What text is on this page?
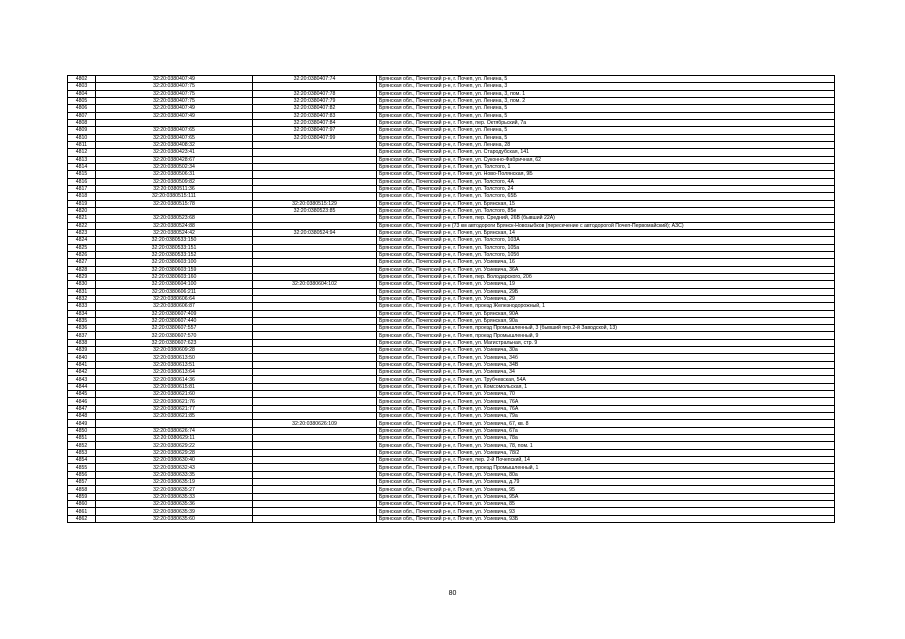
4802	32:20:0380407:49	32:20:0380407:74	Брянская обл., Почепский р-н, г. Почеп, ул. Ленина, 5
4803	32:20:0380407:75		Брянская обл., Почепский р-н, г. Почеп, ул. Ленина, 3
4804	32:20:0380407:75	32:20:0380407:78	Брянская обл., Почепский р-н, г. Почеп, ул. Ленина, 3, пом. 1
4805	32:20:0380407:75	32:20:0380407:79	Брянская обл., Почепский р-н, г. Почеп, ул. Ленина, 3, пом. 2
4806	32:20:0380407:49	32:20:0380407:82	Брянская обл., Почепский р-н, г. Почеп, ул. Ленина, 5
4807	32:20:0380407:49	32:20:0380407:83	Брянская обл., Почепский р-н, г. Почеп, ул. Ленина, 5
4808		32:20:0380407:84	Брянская обл., Почепский р-н, г. Почеп, пер. Октябрьский, 7а
4809	32:20:0380407:65	32:20:0380407:97	Брянская обл., Почепский р-н, г. Почеп, ул. Ленина, 5
4810	32:20:0380407:65	32:20:0380407:99	Брянская обл., Почепский р-н, г. Почеп, ул. Ленина, 5
4811	32:20:0380408:32		Брянская обл., Почепский р-н, г. Почеп, ул. Ленина, 28
4812	32:20:0380423:41		Брянская обл., Почепский р-н, г. Почеп, ул. Стародубская, 141
4813	32:20:0380428:67		Брянская обл., Почепский р-н, г. Почеп, ул. Суконно-Фабричная, 62
4814	32:20:0380502:34		Брянская обл., Почепский р-н, г. Почеп, ул. Толстого, 1
4815	32:20:0380506:31		Брянская обл., Почепский р-н, г. Почеп, ул. Ново-Полянская, 9Б
4816	32:20:0380509:82		Брянская обл., Почепский р-н, г. Почеп, ул. Толстого, 4А
4817	32:20:0380511:36		Брянская обл., Почепский р-н, г. Почеп, ул. Толстого, 24
4818	32:20:0380515:111		Брянская обл., Почепский р-н, г. Почеп, ул. Толстого, 65Б
4819	32:20:0380515:78	32:20:0380515:129	Брянская обл., Почепский р-н, г. Почеп, ул. Брянская, 15
4820		32:20:0380523:85	Брянская обл., Почепский р-н, г. Почеп, ул. Толстого, 85е
4821	32:20:0380523:68		Брянская обл., Почепский р-н, г. Почеп, пер. Средний, 26В (бывший 22А)
4822	32:20:0380524:88		Брянская обл., Почепский р-н (73 км автодороги Брянск-Новозыбков (пересечение с автодорогой Почеп-Первомайский); АЗС)
4823	32:20:0380524:42	32:20:0380524:94	Брянская обл., Почепский р-н, г. Почеп, ул. Брянская, 14
4824	32:20:0380533:150		Брянская обл., Почепский р-н, г. Почеп, ул. Толстого, 103А
4825	32:20:0380533:151		Брянская обл., Почепский р-н, г. Почеп, ул. Толстого, 105а
4826	32:20:0380533:152		Брянская обл., Почепский р-н, г. Почеп, ул. Толстого, 105б
4827	32:20:0380603:100		Брянская обл., Почепский р-н, г. Почеп, ул. Усиевича, 16
4828	32:20:0380603:159		Брянская обл., Почепский р-н, г. Почеп, ул. Усиевича, 36А
4829	32:20:0380603:160		Брянская обл., Почепский р-н, г. Почеп, пер. Володарского, 20б
4830	32:20:0380604:100	32:20:0380604:102	Брянская обл., Почепский р-н, г. Почеп, ул. Усиевича, 19
4831	32:20:0380606:211		Брянская обл., Почепский р-н, г. Почеп, ул. Усиевича, 29Б
4832	32:20:0380606:64		Брянская обл., Почепский р-н, г. Почеп, ул. Усиевича, 29
4833	32:20:0380606:87		Брянская обл., Почепский р-н, г. Почеп, проезд Железнодорожный, 1
4834	32:20:0380607:409		Брянская обл., Почепский р-н, г. Почеп, ул. Брянская, 90А
4835	32:20:0380607:440		Брянская обл., Почепский р-н, г. Почеп, ул. Брянская, 90а
4836	32:20:0380607:557		Брянская обл., Почепский р-н, г. Почеп, проезд Промышленный, 3 (бывший пер.2-й Заводской, 13)
4837	32:20:0380607:570		Брянская обл., Почепский р-н, г. Почеп, проезд Промышленный, 9
4838	32:20:0380607:623		Брянская обл., Почепский р-н, г. Почеп, ул. Магистральная, стр. 9
4839	32:20:0380609:28		Брянская обл., Почепский р-н, г. Почеп, ул. Усиевича, 30а
4840	32:20:0380613:50		Брянская обл., Почепский р-н, г. Почеп, ул. Усиевича, 34б
4841	32:20:0380613:51		Брянская обл., Почепский р-н, г. Почеп, ул. Усиевича, 34В
4842	32:20:0380613:64		Брянская обл., Почепский р-н, г. Почеп, ул. Усиевича, 34
4843	32:20:0380614:36		Брянская обл., Почепский р-н, г. Почеп, ул. Трубчевская, 54А
4844	32:20:0380615:81		Брянская обл., Почепский р-н, г. Почеп, ул. Комсомольская, 1
4845	32:20:0380621:60		Брянская обл., Почепский р-н, г. Почеп, ул. Усиевича, 70
4846	32:20:0380621:76		Брянская обл., Почепский р-н, г. Почеп, ул. Усиевича, 76А
4847	32:20:0380621:77		Брянская обл., Почепский р-н, г. Почеп, ул. Усиевича, 76А
4848	32:20:0380621:85		Брянская обл., Почепский р-н, г. Почеп, ул. Усиевича, 79а
4849		32:20:0380626:109	Брянская обл., Почепский р-н, г. Почеп, ул. Усиевича, 67, кв. 8
4850	32:20:0380626:74		Брянская обл., Почепский р-н, г. Почеп, ул. Усиевича, 67а
4851	32:20:0380629:11		Брянская обл., Почепский р-н, г. Почеп, ул. Усиевича, 78а
4852	32:20:0380629:22		Брянская обл., Почепский р-н, г. Почеп, ул. Усиевича, 78, пом. 1
4853	32:20:0380629:28		Брянская обл., Почепский р-н, г. Почеп, ул. Усиевича, 78/2
4854	32:20:0380630:40		Брянская обл., Почепский р-н, г. Почеп, пер. 2-й Почепский, 14
4855	32:20:0380632:43		Брянская обл., Почепский р-н, г. Почеп, проезд Промышленный, 1
4856	32:20:0380633:35		Брянская обл., Почепский р-н, г. Почеп, ул. Усиевича, 80а
4857	32:20:0380635:19		Брянская обл., Почепский р-н, г. Почеп, ул. Усиевича, д.79
4858	32:20:0380635:27		Брянская обл., Почепский р-н, г. Почеп, ул. Усиевича, 95
4859	32:20:0380635:33		Брянская обл., Почепский р-н, г. Почеп, ул. Усиевича, 95А
4860	32:20:0380635:36		Брянская обл., Почепский р-н, г. Почеп, ул. Усиевича, 85
4861	32:20:0380635:39		Брянская обл., Почепский р-н, г. Почеп, ул. Усиевича, 93
4862	32:20:0380635:60		Брянская обл., Почепский р-н, г. Почеп, ул. Усиевича, 93Б
80
